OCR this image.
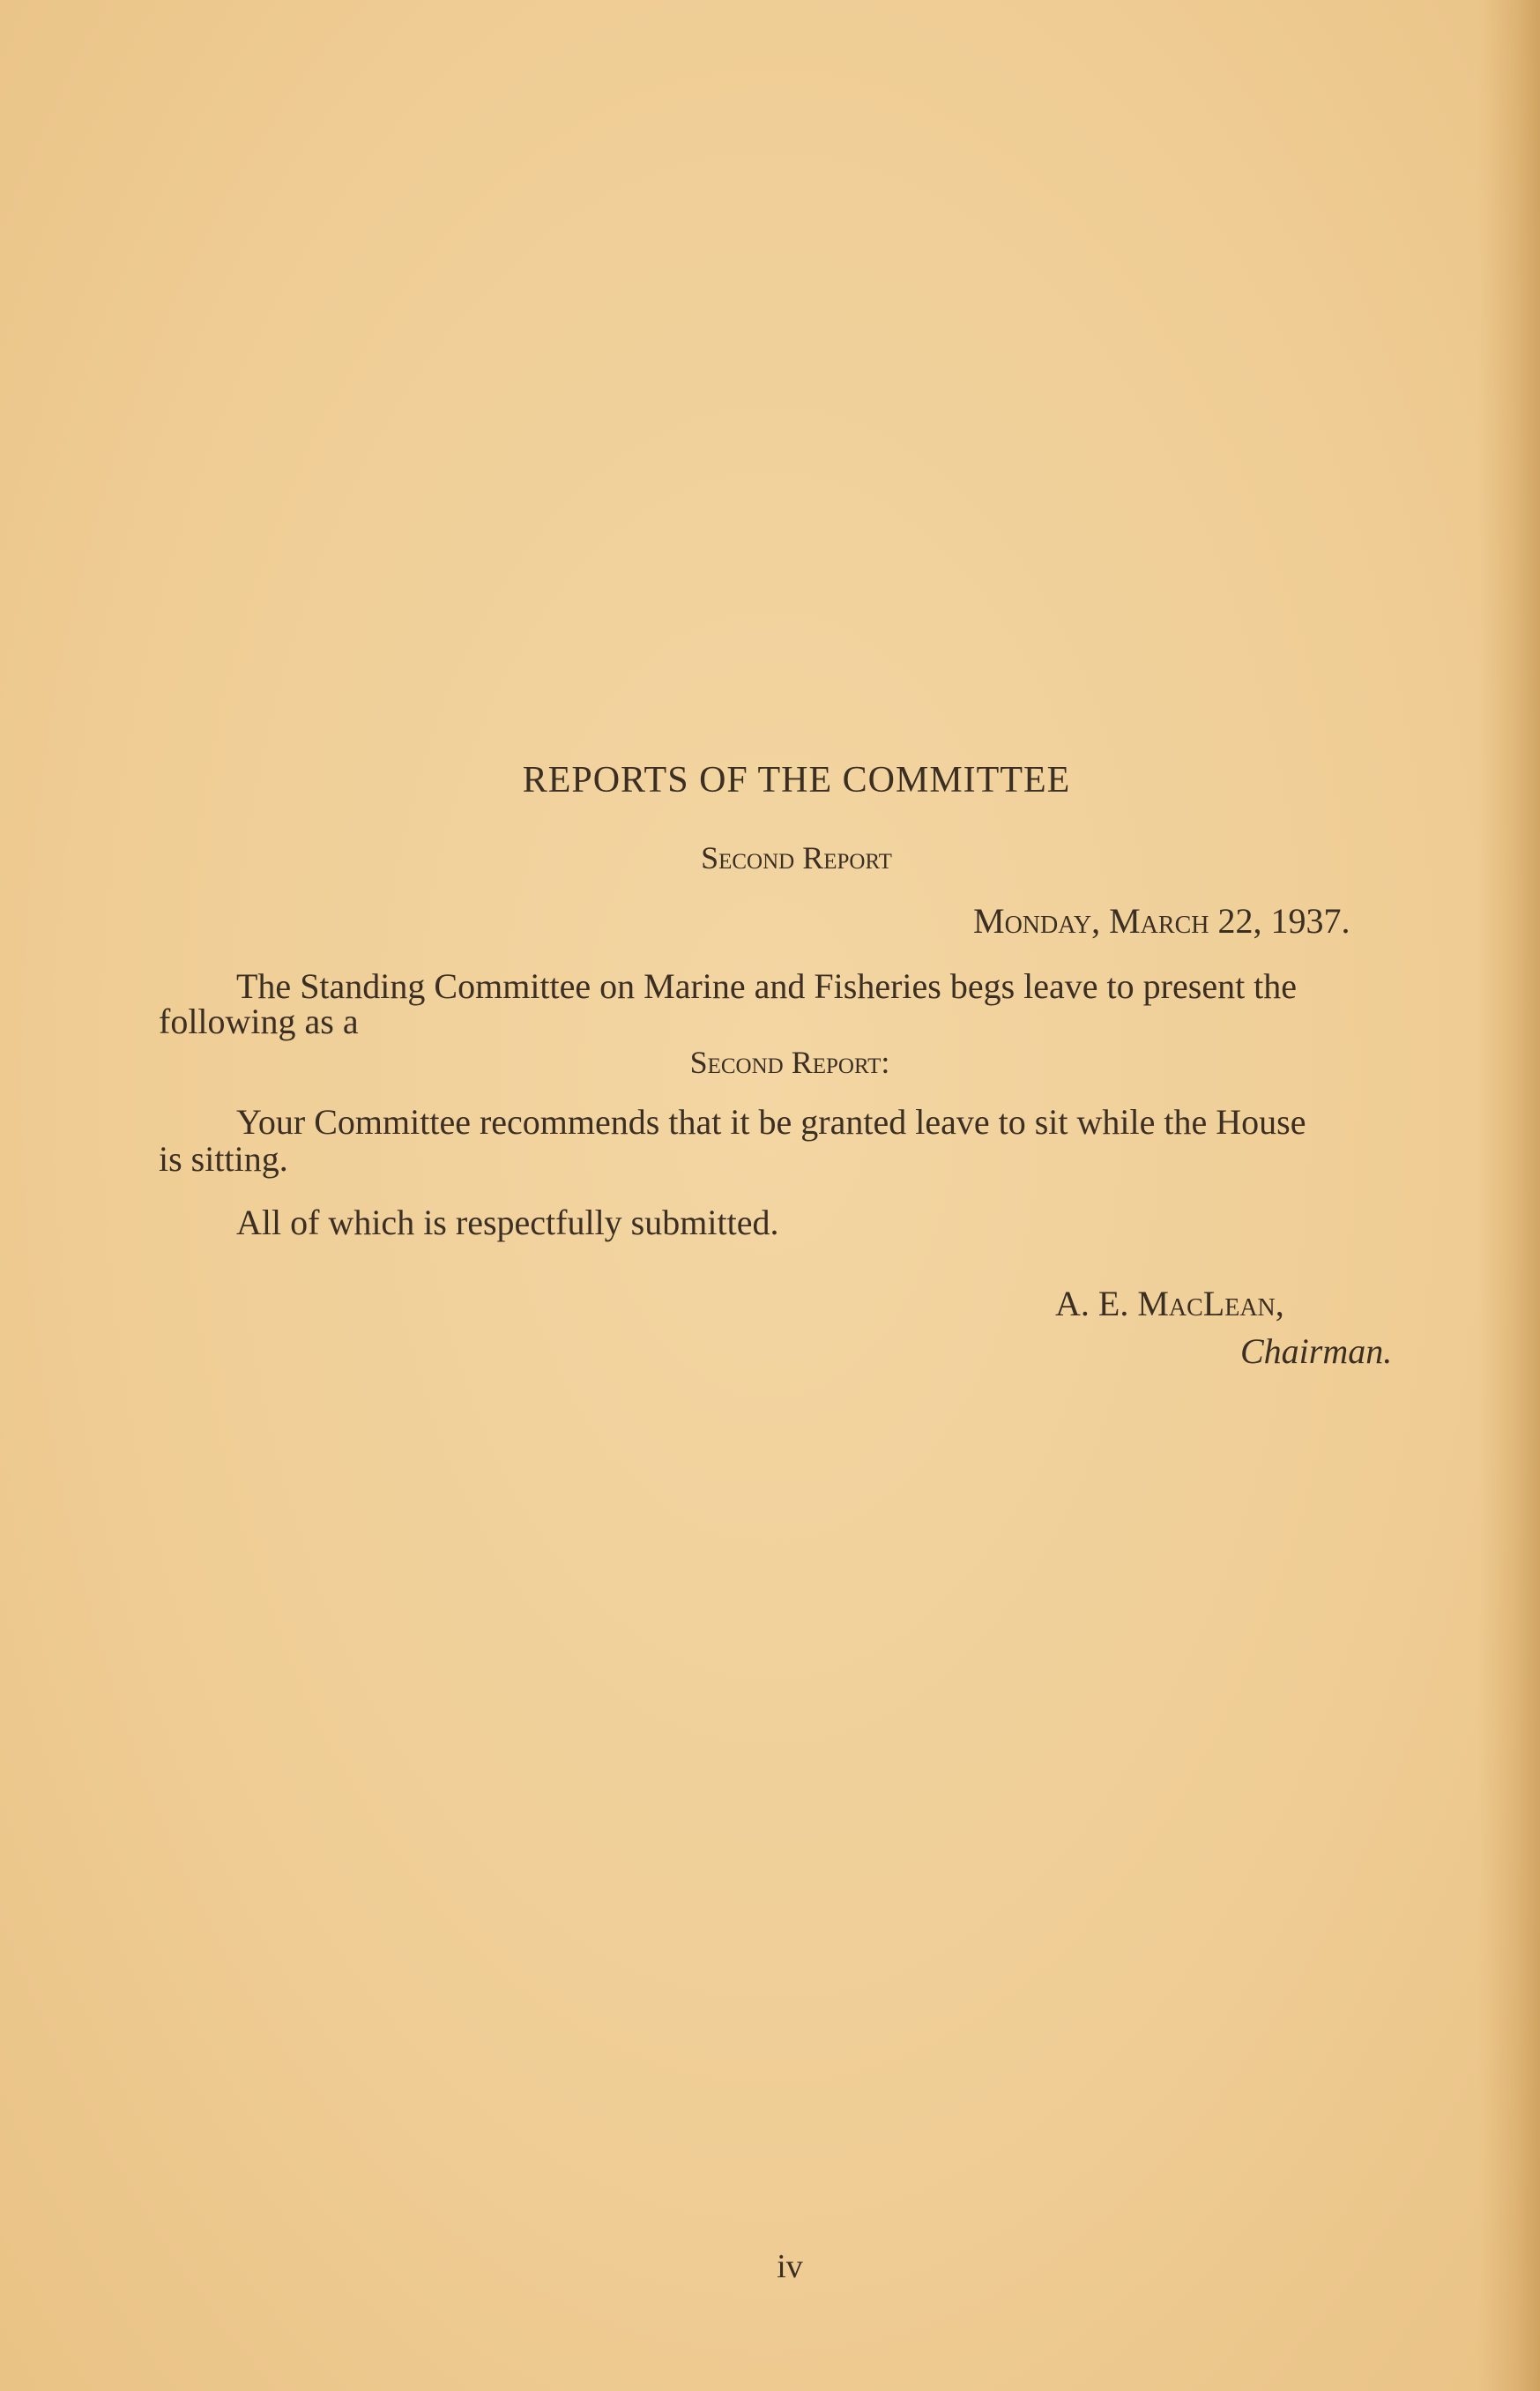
REPORTS OF THE COMMITTEE
Second Report
Monday, March 22, 1937.
The Standing Committee on Marine and Fisheries begs leave to present the
following as a
Second Report:
Your Committee recommends that it be granted leave to sit while the House
is sitting.
All of which is respectfully submitted.
A. E. MacLean,
Chairman.
iv
